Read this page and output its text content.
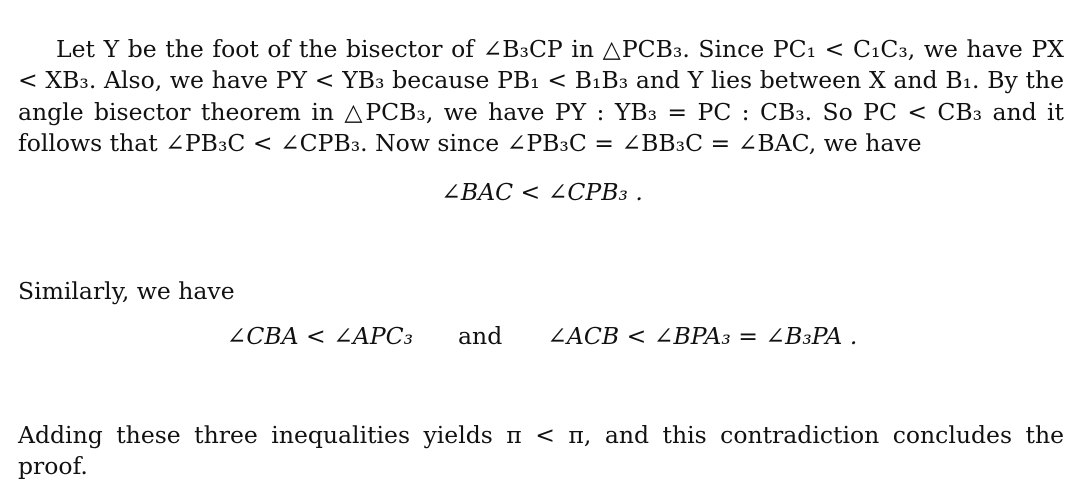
Let Y be the foot of the bisector of ∠B₃CP in △PCB₃. Since PC₁ < C₁C₃, we have PX < XB₃. Also, we have PY < YB₃ because PB₁ < B₁B₃ and Y lies between X and B₁. By the angle bisector theorem in △PCB₃, we have PY : YB₃ = PC : CB₃. So PC < CB₃ and it follows that ∠PB₃C < ∠CPB₃. Now since ∠PB₃C = ∠BB₃C = ∠BAC, we have

∠BAC < ∠CPB₃ .

Similarly, we have

∠CBA < ∠APC₃ and ∠ACB < ∠BPA₃ = ∠B₃PA .

Adding these three inequalities yields π < π, and this contradiction concludes the proof.
